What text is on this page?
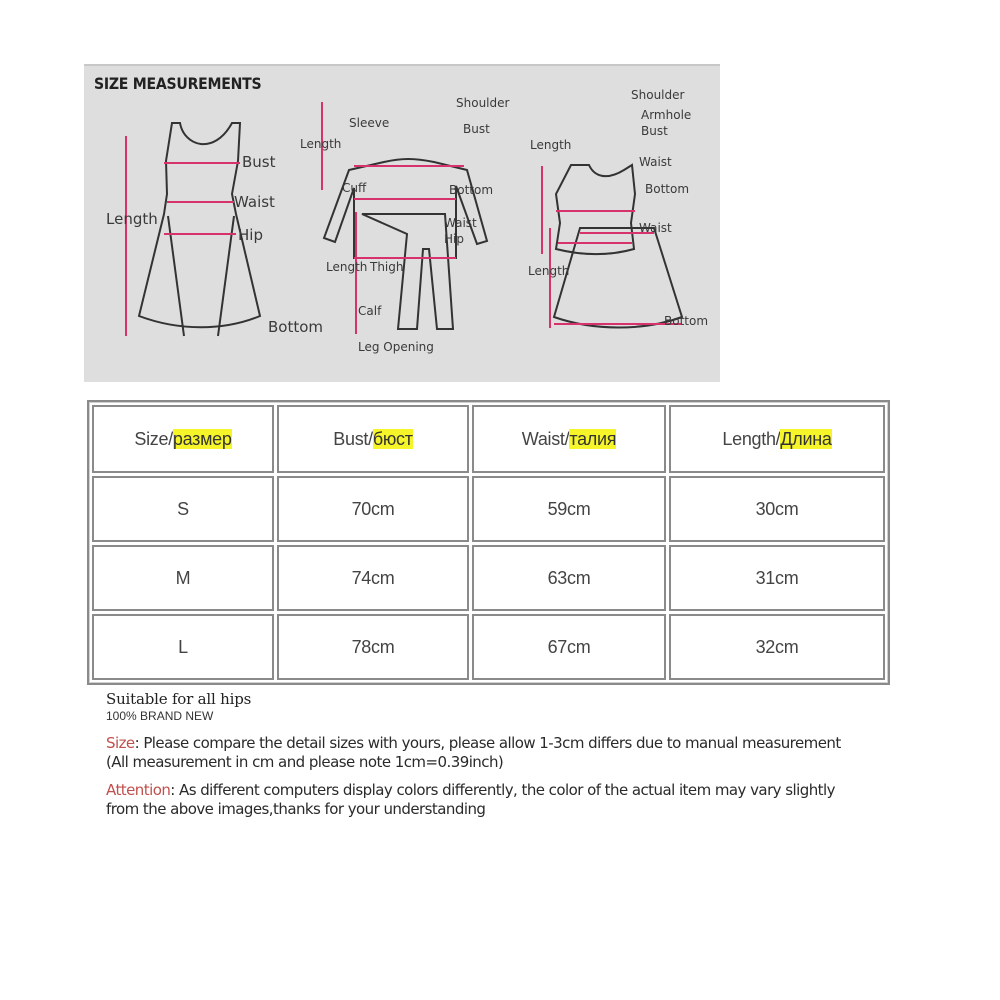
SIZE MEASUREMENTS
Bust
Waist
Hip
Length
Bottom
Shoulder
Sleeve	Bust
Length
Cuff	Bottom
Waist
Hip
Length Thigh
Calf
Leg Opening
Shoulder
Armhole
Bust
Length
Waist
Bottom
Waist
Length
Bottom
Size/размер	Bust/бюст	Waist/талия	Length/Длина
S	70cm	59cm	30cm
M	74cm	63cm	31cm
L	78cm	67cm	32cm
Suitable for all hips
100% BRAND NEW
Size: Please compare the detail sizes with yours, please allow 1-3cm differs due to manual measurement
(All measurement in cm and please note 1cm=0.39inch)
Attention: As different computers display colors differently, the color of the actual item may vary slightly
from the above images,thanks for your understanding
